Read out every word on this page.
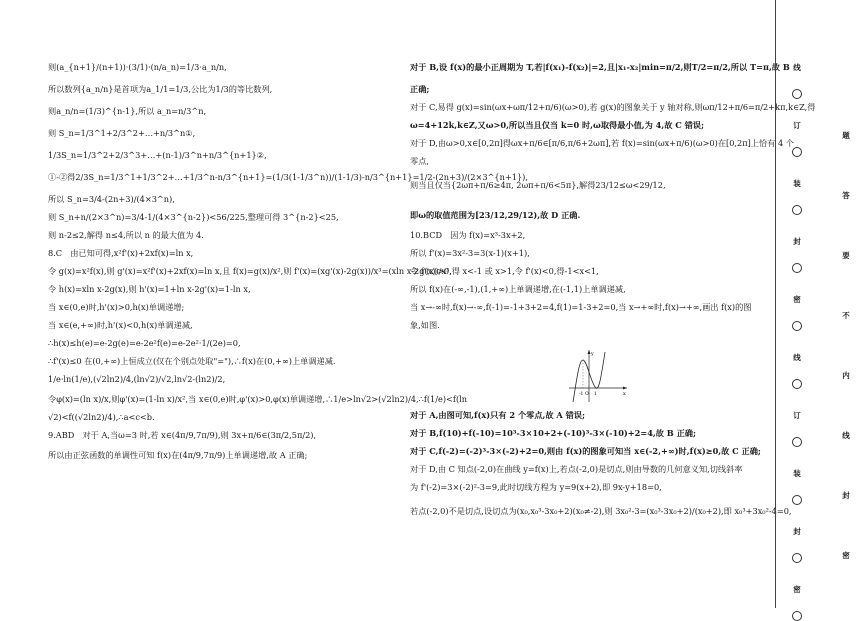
则(a_{n+1}/(n+1))·(3/1)·(n/a_n)=1/3·a_n/n,
所以数列{a_n/n}是首项为a_1/1=1/3,公比为1/3的等比数列,
则a_n/n=(1/3)^{n-1},所以 a_n=n/3^n,
则 S_n=1/3^1+2/3^2+…+n/3^n①,
1/3S_n=1/3^2+2/3^3+…+(n-1)/3^n+n/3^{n+1}②,
①-②得2/3S_n=1/3^1+1/3^2+…+1/3^n-n/3^{n+1}=(1/3(1-1/3^n))/(1-1/3)-n/3^{n+1}=1/2-(2n+3)/(2×3^{n+1}),
所以 S_n=3/4-(2n+3)/(4×3^n),
则 S_n+n/(2×3^n)=3/4-1/(4×3^{n-2})<56/225,整理可得 3^{n-2}<25,
则 n-2≤2,解得 n≤4,所以 n 的最大值为 4.
8.C　由已知可得,x²f'(x)+2xf(x)=ln x,
令 g(x)=x²f(x),则 g'(x)=x²f'(x)+2xf(x)=ln x,且 f(x)=g(x)/x²,则 f'(x)=(xg'(x)-2g(x))/x³=(xln x-2g(x))/x³,
令 h(x)=xln x-2g(x),则 h'(x)=1+ln x-2g'(x)=1-ln x,
当 x∈(0,e)时,h'(x)>0,h(x)单调递增;
当 x∈(e,+∞)时,h'(x)<0,h(x)单调递减,
∴h(x)≤h(e)=e-2g(e)=e-2e²f(e)=e-2e²·1/(2e)=0,
∴f'(x)≤0 在(0,+∞)上恒成立(仅在个别点处取"="),∴f(x)在(0,+∞)上单调递减.
1/e·ln(1/e),(√2ln2)/4,(ln√2)/√2,ln√2-(ln2)/2,
令φ(x)=(ln x)/x,则φ'(x)=(1-ln x)/x²,当 x∈(0,e)时,φ'(x)>0,φ(x)单调递增,∴1/e>ln√2>(√2ln2)/4,∴f(1/e)<f(ln
√2)<f((√2ln2)/4),∴a<c<b.
9.ABD　对于 A,当ω=3 时,若 x∈(4π/9,7π/9),则 3x+π/6∈(3π/2,5π/2),
所以由正弦函数的单调性可知 f(x)在(4π/9,7π/9)上单调递增,故 A 正确;
y
x
-1 O 1
对于 B,设 f(x)的最小正周期为 T,若|f(x₁)-f(x₂)|=2,且|x₁-x₂|min=π/2,则T/2=π/2,所以 T=π,故 B
正确;
对于 C,易得 g(x)=sin(ωx+ωπ/12+π/6)(ω>0),若 g(x)的图象关于 y 轴对称,则ωπ/12+π/6=π/2+kπ,k∈Z,得
ω=4+12k,k∈Z,又ω>0,所以当且仅当 k=0 时,ω取得最小值,为 4,故 C 错误;
对于 D,由ω>0,x∈[0,2π]得ωx+π/6∈[π/6,π/6+2ωπ],若 f(x)=sin(ωx+π/6)(ω>0)在[0,2π]上恰有 4 个
零点,
则当且仅当{2ωπ+π/6≥4π, 2ωπ+π/6<5π},解得23/12≤ω<29/12,
即ω的取值范围为[23/12,29/12),故 D 正确.
10.BCD　因为 f(x)=x³-3x+2,
所以 f'(x)=3x²-3=3(x-1)(x+1),
令 f'(x)>0,得 x<-1 或 x>1,令 f'(x)<0,得-1<x<1,
所以 f(x)在(-∞,-1),(1,+∞)上单调递增,在(-1,1)上单调递减,
当 x→-∞时,f(x)→-∞,f(-1)=-1+3+2=4,f(1)=1-3+2=0,当 x→+∞时,f(x)→+∞,画出 f(x)的图
象,如图.
对于 A,由图可知,f(x)只有 2 个零点,故 A 错误;
对于 B,f(10)+f(-10)=10³-3×10+2+(-10)³-3×(-10)+2=4,故 B 正确;
对于 C,f(-2)=(-2)³-3×(-2)+2=0,则由 f(x)的图象可知当 x∈(-2,+∞)时,f(x)≥0,故 C 正确;
对于 D,由 C 知点(-2,0)在曲线 y=f(x)上,若点(-2,0)是切点,则由导数的几何意义知,切线斜率
为 f'(-2)=3×(-2)²-3=9,此时切线方程为 y=9(x+2),即 9x-y+18=0,
若点(-2,0)不是切点,设切点为(x₀,x₀³-3x₀+2)(x₀≠-2),则 3x₀²-3=(x₀³-3x₀+2)/(x₀+2),即 x₀³+3x₀²-4=0,
线
订
装
封
密
线
订
装
封
密
题
答
要
不
内
线
封
密
